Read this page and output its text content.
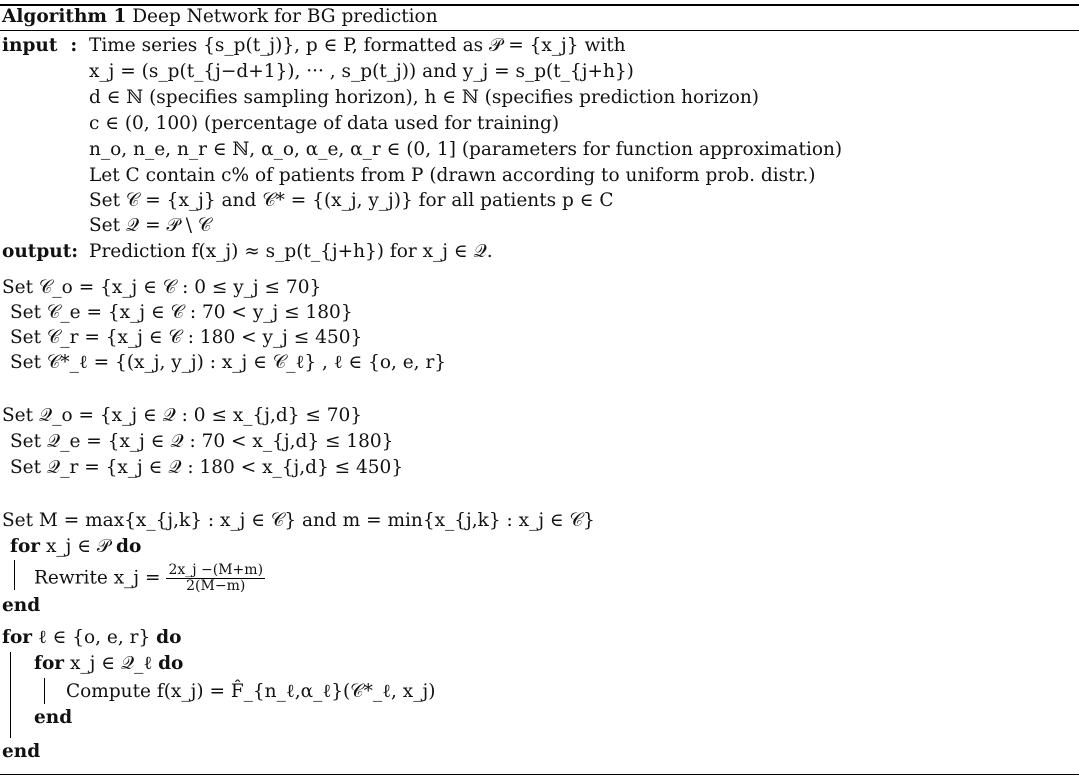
Algorithm 1 Deep Network for BG prediction
input : Time series {s_p(t_j)}, p ∈ P, formatted as 𝒫 = {x_j} with
x_j = (s_p(t_{j−d+1}), ··· , s_p(t_j)) and y_j = s_p(t_{j+h})
d ∈ ℕ (specifies sampling horizon), h ∈ ℕ (specifies prediction horizon)
c ∈ (0, 100) (percentage of data used for training)
n_o, n_e, n_r ∈ ℕ, α_o, α_e, α_r ∈ (0, 1] (parameters for function approximation)
Let C contain c% of patients from P (drawn according to uniform prob. distr.)
Set 𝒞 = {x_j} and 𝒞* = {(x_j, y_j)} for all patients p ∈ C
Set 𝒬 = 𝒫 \ 𝒞
output: Prediction f(x_j) ≈ s_p(t_{j+h}) for x_j ∈ 𝒬.
Set 𝒞_o = {x_j ∈ 𝒞 : 0 ≤ y_j ≤ 70}
Set 𝒞_e = {x_j ∈ 𝒞 : 70 < y_j ≤ 180}
Set 𝒞_r = {x_j ∈ 𝒞 : 180 < y_j ≤ 450}
Set 𝒞*_ℓ = {(x_j, y_j) : x_j ∈ 𝒞_ℓ} , ℓ ∈ {o, e, r}
Set 𝒬_o = {x_j ∈ 𝒬 : 0 ≤ x_{j,d} ≤ 70}
Set 𝒬_e = {x_j ∈ 𝒬 : 70 < x_{j,d} ≤ 180}
Set 𝒬_r = {x_j ∈ 𝒬 : 180 < x_{j,d} ≤ 450}
Set M = max{x_{j,k} : x_j ∈ 𝒞} and m = min{x_{j,k} : x_j ∈ 𝒞}
for x_j ∈ 𝒫 do
Rewrite x_j = $\frac{2x\_j -(M+m)}{2(M-m)}$
end
for ℓ ∈ {o, e, r} do
for x_j ∈ 𝒬_ℓ do
Compute f(x_j) = F̂_{n_ℓ,α_ℓ}(𝒞*_ℓ, x_j)
end
end
